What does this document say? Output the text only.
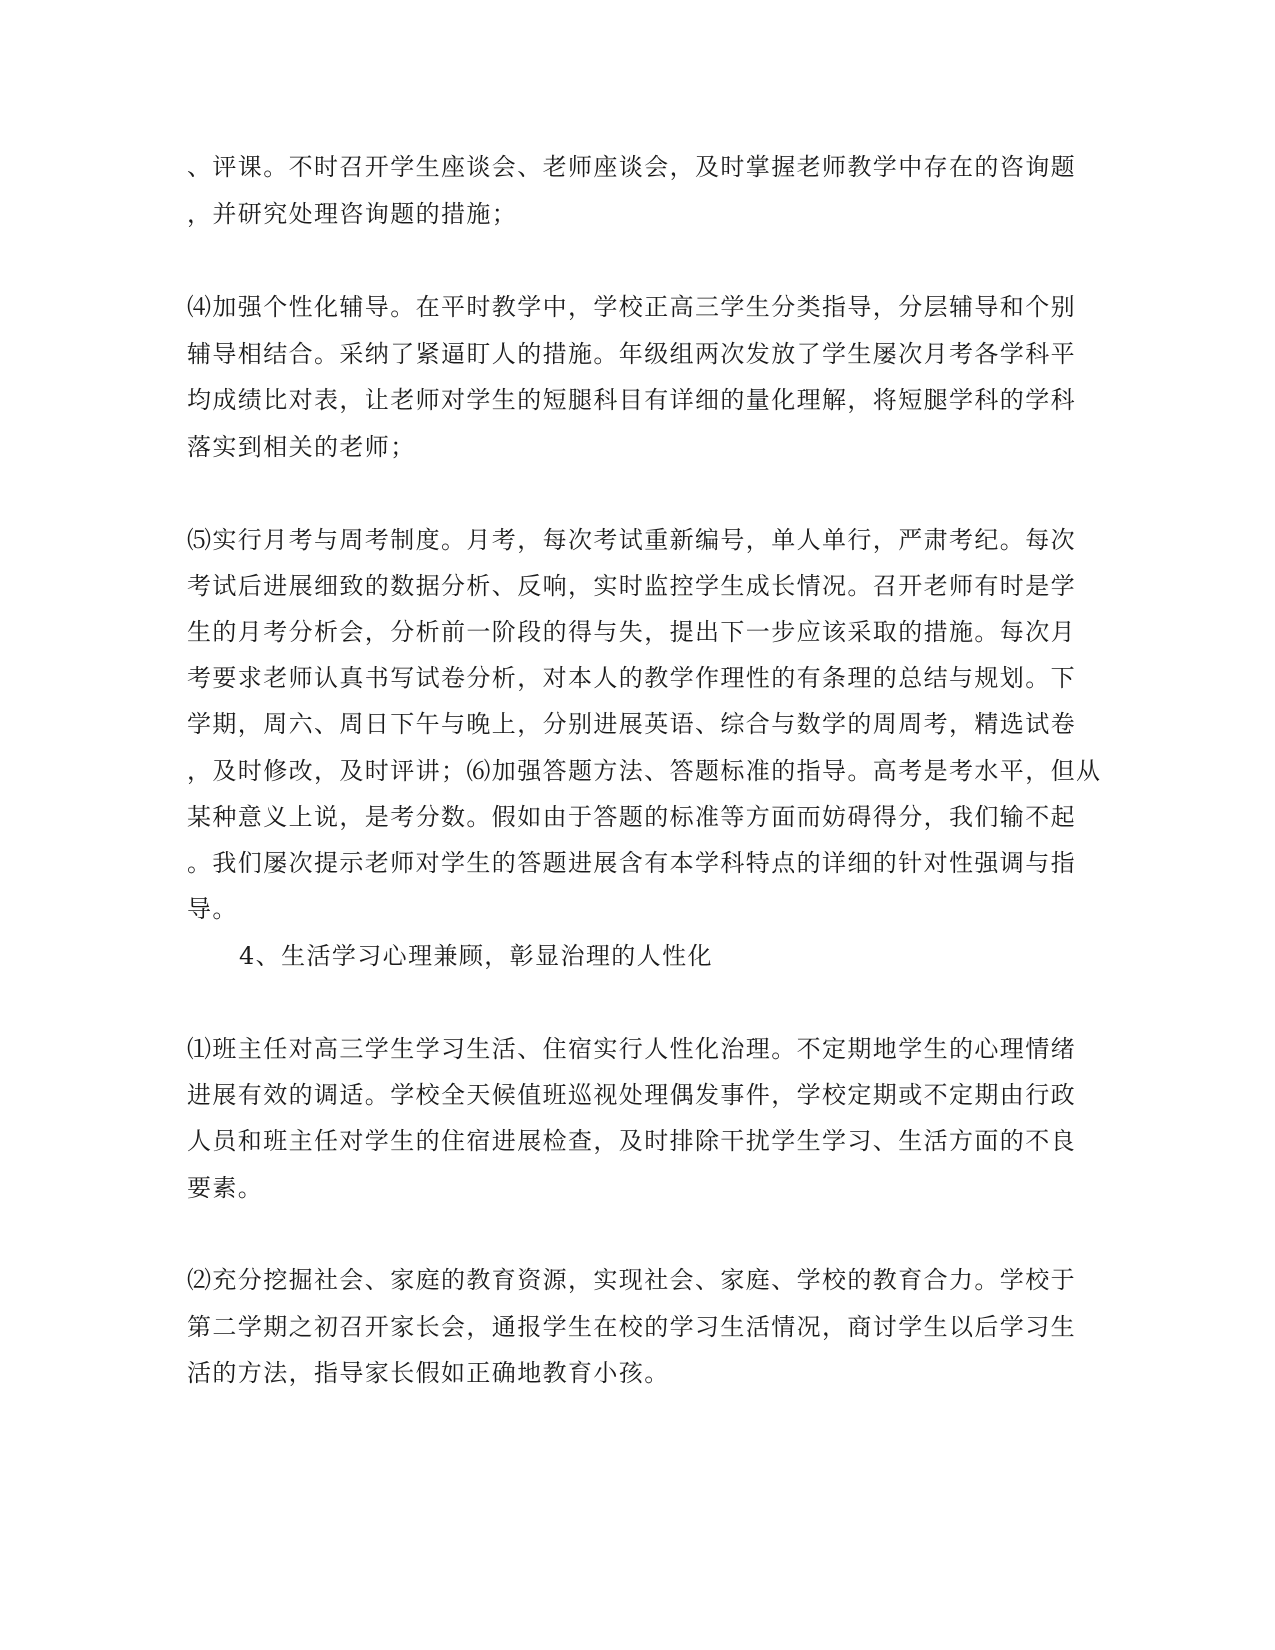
、评课。不时召开学生座谈会、老师座谈会，及时掌握老师教学中存在的咨询题
，并研究处理咨询题的措施；
⑷加强个性化辅导。在平时教学中，学校正高三学生分类指导，分层辅导和个别
辅导相结合。采纳了紧逼盯人的措施。年级组两次发放了学生屡次月考各学科平
均成绩比对表，让老师对学生的短腿科目有详细的量化理解，将短腿学科的学科
落实到相关的老师；
⑸实行月考与周考制度。月考，每次考试重新编号，单人单行，严肃考纪。每次
考试后进展细致的数据分析、反响，实时监控学生成长情况。召开老师有时是学
生的月考分析会，分析前一阶段的得与失，提出下一步应该采取的措施。每次月
考要求老师认真书写试卷分析，对本人的教学作理性的有条理的总结与规划。下
学期，周六、周日下午与晚上，分别进展英语、综合与数学的周周考，精选试卷
，及时修改，及时评讲；⑹加强答题方法、答题标准的指导。高考是考水平，但从
某种意义上说，是考分数。假如由于答题的标准等方面而妨碍得分，我们输不起
。我们屡次提示老师对学生的答题进展含有本学科特点的详细的针对性强调与指
导。
4、生活学习心理兼顾，彰显治理的人性化
⑴班主任对高三学生学习生活、住宿实行人性化治理。不定期地学生的心理情绪
进展有效的调适。学校全天候值班巡视处理偶发事件，学校定期或不定期由行政
人员和班主任对学生的住宿进展检查，及时排除干扰学生学习、生活方面的不良
要素。
⑵充分挖掘社会、家庭的教育资源，实现社会、家庭、学校的教育合力。学校于
第二学期之初召开家长会，通报学生在校的学习生活情况，商讨学生以后学习生
活的方法，指导家长假如正确地教育小孩。
